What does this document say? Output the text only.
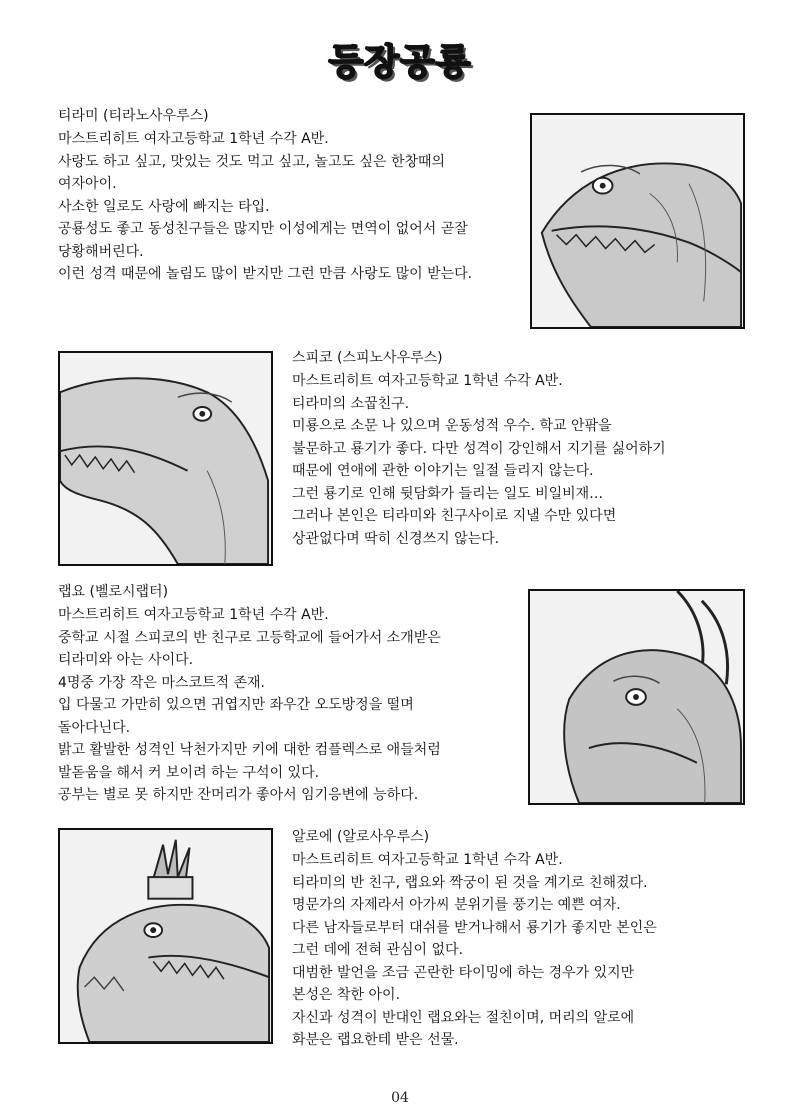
등장공룡
티라미 (티라노사우루스)
마스트리히트 여자고등학교 1학년 수각 A반.
사랑도 하고 싶고, 맛있는 것도 먹고 싶고, 놀고도 싶은 한창때의
여자아이.
사소한 일로도 사랑에 빠지는 타입.
공룡성도 좋고 동성친구들은 많지만 이성에게는 면역이 없어서 곧잘
당황해버린다.
이런 성격 때문에 놀림도 많이 받지만 그런 만큼 사랑도 많이 받는다.
스피코 (스피노사우루스)
마스트리히트 여자고등학교 1학년 수각 A반.
티라미의 소꿉친구.
미룡으로 소문 나 있으며 운동성적 우수. 학교 안팎을
불문하고 룡기가 좋다. 다만 성격이 강인해서 지기를 싫어하기
때문에 연애에 관한 이야기는 일절 들리지 않는다.
그런 룡기로 인해 뒷담화가 들리는 일도 비일비재…
그러나 본인은 티라미와 친구사이로 지낼 수만 있다면
상관없다며 딱히 신경쓰지 않는다.
랩요 (벨로시랩터)
마스트리히트 여자고등학교 1학년 수각 A반.
중학교 시절 스피코의 반 친구로 고등학교에 들어가서 소개받은
티라미와 아는 사이다.
4명중 가장 작은 마스코트적 존재.
입 다물고 가만히 있으면 귀엽지만 좌우간 오도방정을 떨며
돌아다닌다.
밝고 활발한 성격인 낙천가지만 키에 대한 컴플렉스로 애들처럼
발돋움을 해서 커 보이려 하는 구석이 있다.
공부는 별로 못 하지만 잔머리가 좋아서 임기응변에 능하다.
알로에 (알로사우루스)
마스트리히트 여자고등학교 1학년 수각 A반.
티라미의 반 친구, 랩요와 짝궁이 된 것을 계기로 친해졌다.
명문가의 자제라서 아가씨 분위기를 풍기는 예쁜 여자.
다른 남자들로부터 대쉬를 받거나해서 룡기가 좋지만 본인은
그런 데에 전혀 관심이 없다.
대범한 발언을 조금 곤란한 타이밍에 하는 경우가 있지만
본성은 착한 아이.
자신과 성격이 반대인 랩요와는 절친이며, 머리의 알로에
화분은 랩요한테 받은 선물.
04
